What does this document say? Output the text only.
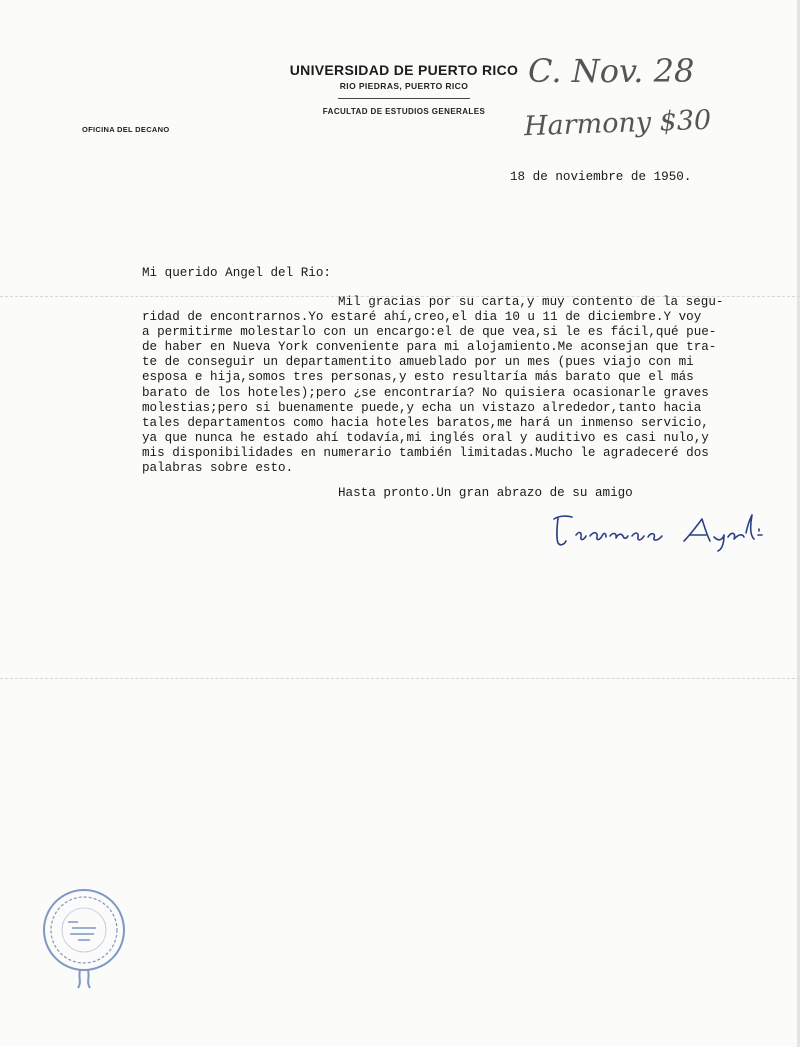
UNIVERSIDAD DE PUERTO RICO
RIO PIEDRAS, PUERTO RICO
FACULTAD DE ESTUDIOS GENERALES
OFICINA DEL DECANO
C. Nov. 28
Harmony $30
18 de noviembre de 1950.
Mi querido Angel del Rio:
Mil gracias por su carta,y muy contento de la segu-
ridad de encontrarnos.Yo estaré ahí,creo,el dia 10 u 11 de diciembre.Y voy
a permitirme molestarlo con un encargo:el de que vea,si le es fácil,qué pue-
de haber en Nueva York conveniente para mi alojamiento.Me aconsejan que tra-
te de conseguir un departamentito amueblado por un mes (pues viajo con mi
esposa e hija,somos tres personas,y esto resultaría más barato que el más
barato de los hoteles);pero ¿se encontraría? No quisiera ocasionarle graves
molestias;pero si buenamente puede,y echa un vistazo alrededor,tanto hacia
tales departamentos como hacia hoteles baratos,me hará un inmenso servicio,
ya que nunca he estado ahí todavía,mi inglés oral y auditivo es casi nulo,y
mis disponibilidades en numerario también limitadas.Mucho le agradeceré dos
palabras sobre esto.
Hasta pronto.Un gran abrazo de su amigo
